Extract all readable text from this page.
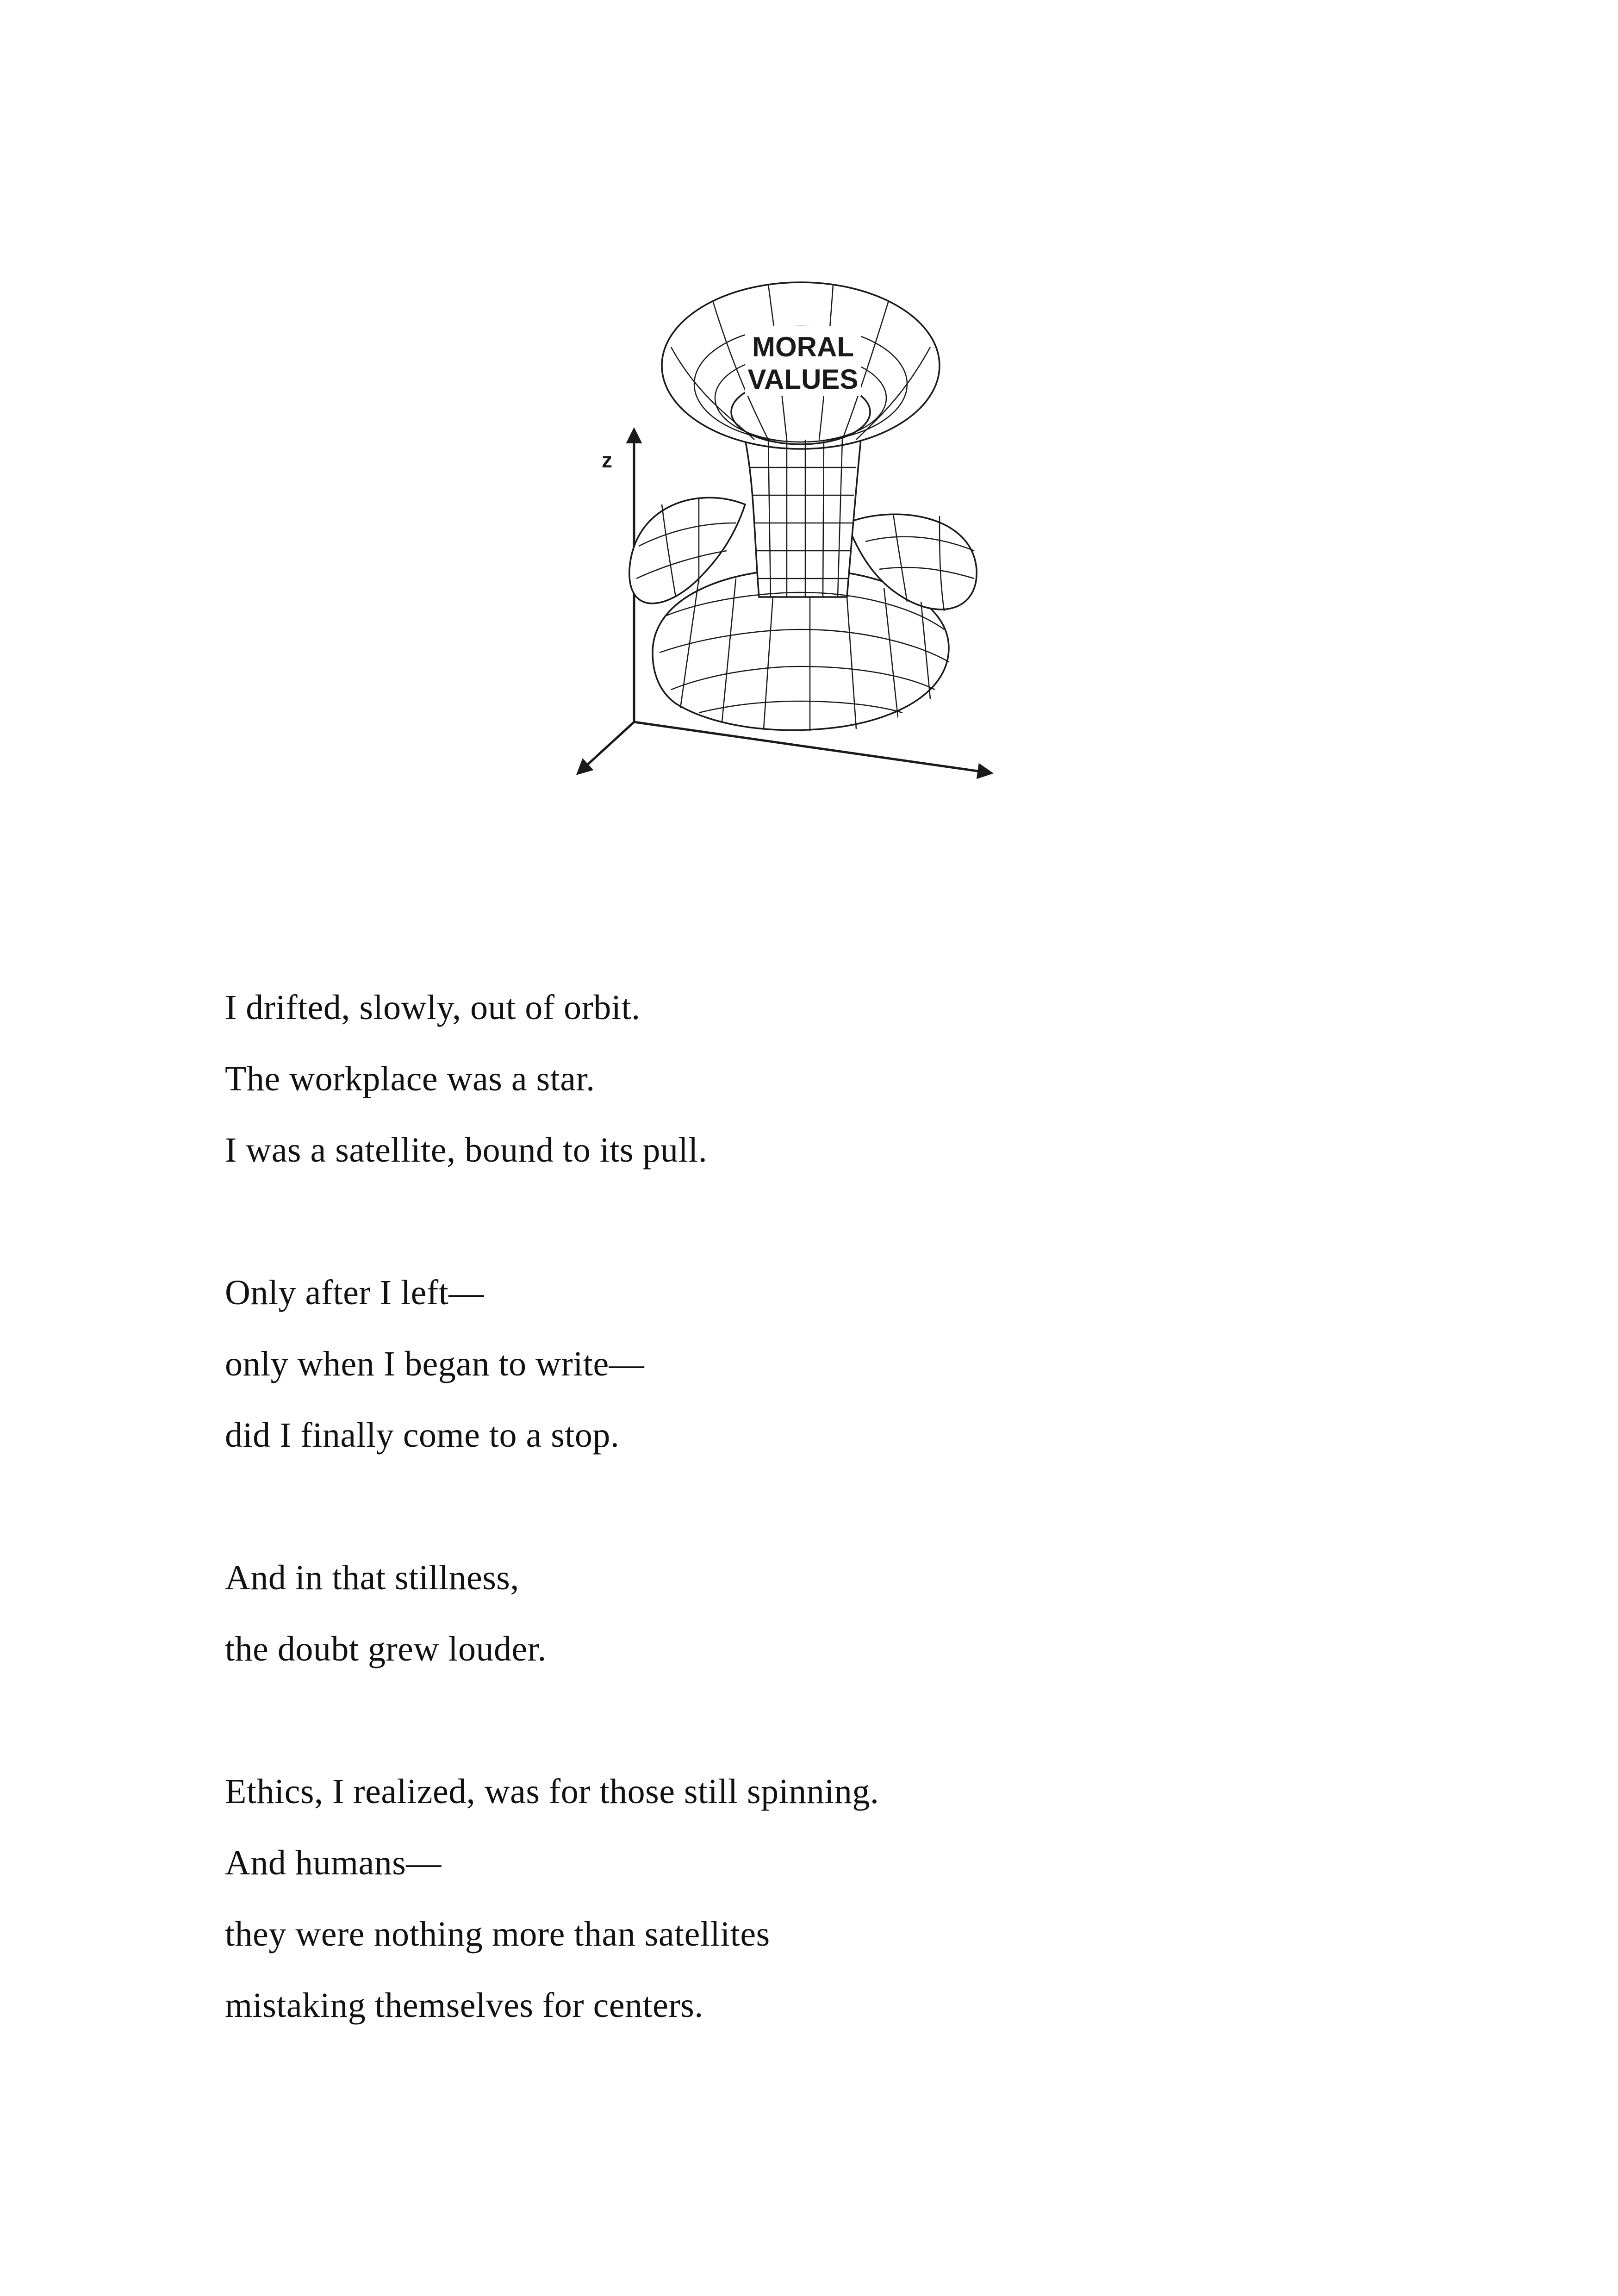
z
MORAL
VALUES
I drifted, slowly, out of orbit.
The workplace was a star.
I was a satellite, bound to its pull.
Only after I left—
only when I began to write—
did I finally come to a stop.
And in that stillness,
the doubt grew louder.
Ethics, I realized, was for those still spinning.
And humans—
they were nothing more than satellites
mistaking themselves for centers.
